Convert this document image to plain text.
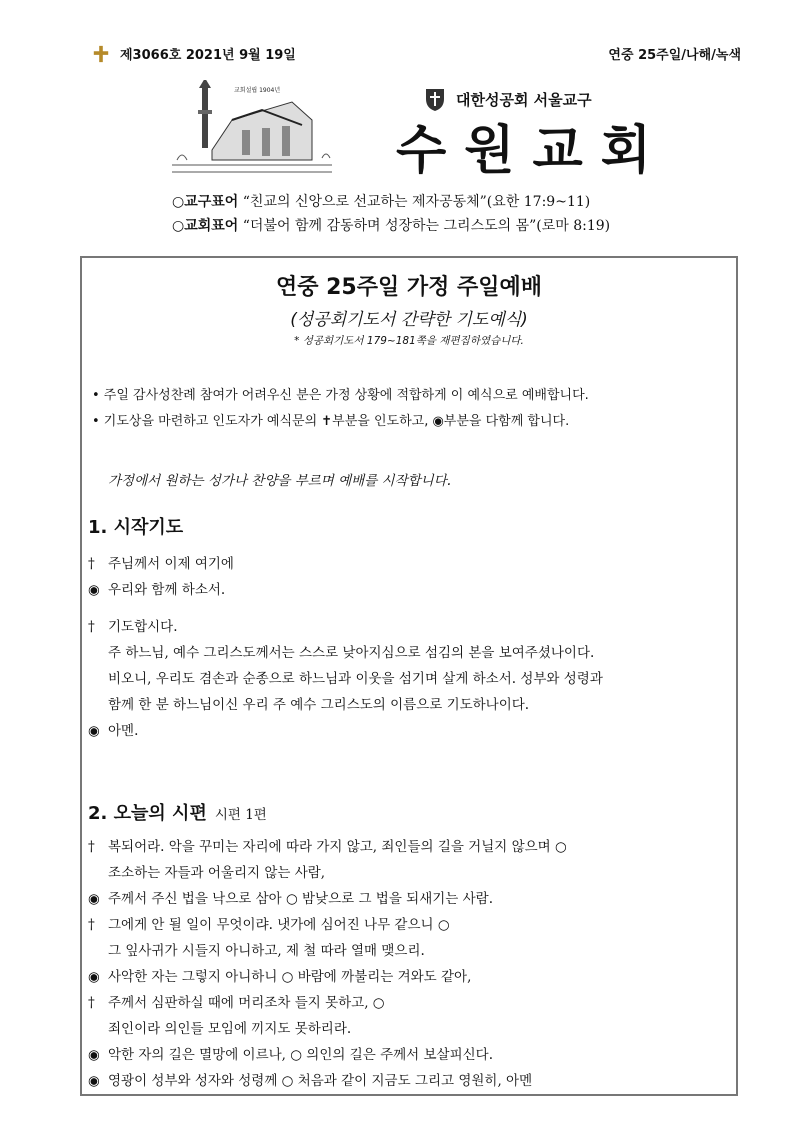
제3066호 2021년 9월 19일	연중 25주일/나해/녹색
교회설립 1904년	대한성공회 서울교구
수원교회
○교구표어 “친교의 신앙으로 선교하는 제자공동체”(요한 17:9~11)
○교회표어 “더불어 함께 감동하며 성장하는 그리스도의 몸”(로마 8:19)
연중 25주일 가정 주일예배
(성공회기도서 간략한 기도예식)
* 성공회기도서 179~181쪽을 재편집하였습니다.
• 주일 감사성찬례 참여가 어려우신 분은 가정 상황에 적합하게 이 예식으로 예배합니다.
• 기도상을 마련하고 인도자가 예식문의 ✝부분을 인도하고, ◉부분을 다함께 합니다.
가정에서 원하는 성가나 찬양을 부르며 예배를 시작합니다.
1. 시작기도
† 주님께서 이제 여기에
◉ 우리와 함께 하소서.
† 기도합시다.
주 하느님, 예수 그리스도께서는 스스로 낮아지심으로 섬김의 본을 보여주셨나이다.
비오니, 우리도 겸손과 순종으로 하느님과 이웃을 섬기며 살게 하소서. 성부와 성령과
함께 한 분 하느님이신 우리 주 예수 그리스도의 이름으로 기도하나이다.
◉ 아멘.
2. 오늘의 시편 시편 1편
† 복되어라. 악을 꾸미는 자리에 따라 가지 않고, 죄인들의 길을 거닐지 않으며 ○
조소하는 자들과 어울리지 않는 사람,
◉ 주께서 주신 법을 낙으로 삼아 ○ 밤낮으로 그 법을 되새기는 사람.
† 그에게 안 될 일이 무엇이랴. 냇가에 심어진 나무 같으니 ○
그 잎사귀가 시들지 아니하고, 제 철 따라 열매 맺으리.
◉ 사악한 자는 그렇지 아니하니 ○ 바람에 까불리는 겨와도 같아,
† 주께서 심판하실 때에 머리조차 들지 못하고, ○
죄인이라 의인들 모임에 끼지도 못하리라.
◉ 악한 자의 길은 멸망에 이르나, ○ 의인의 길은 주께서 보살피신다.
◉ 영광이 성부와 성자와 성령께 ○ 처음과 같이 지금도 그리고 영원히, 아멘
